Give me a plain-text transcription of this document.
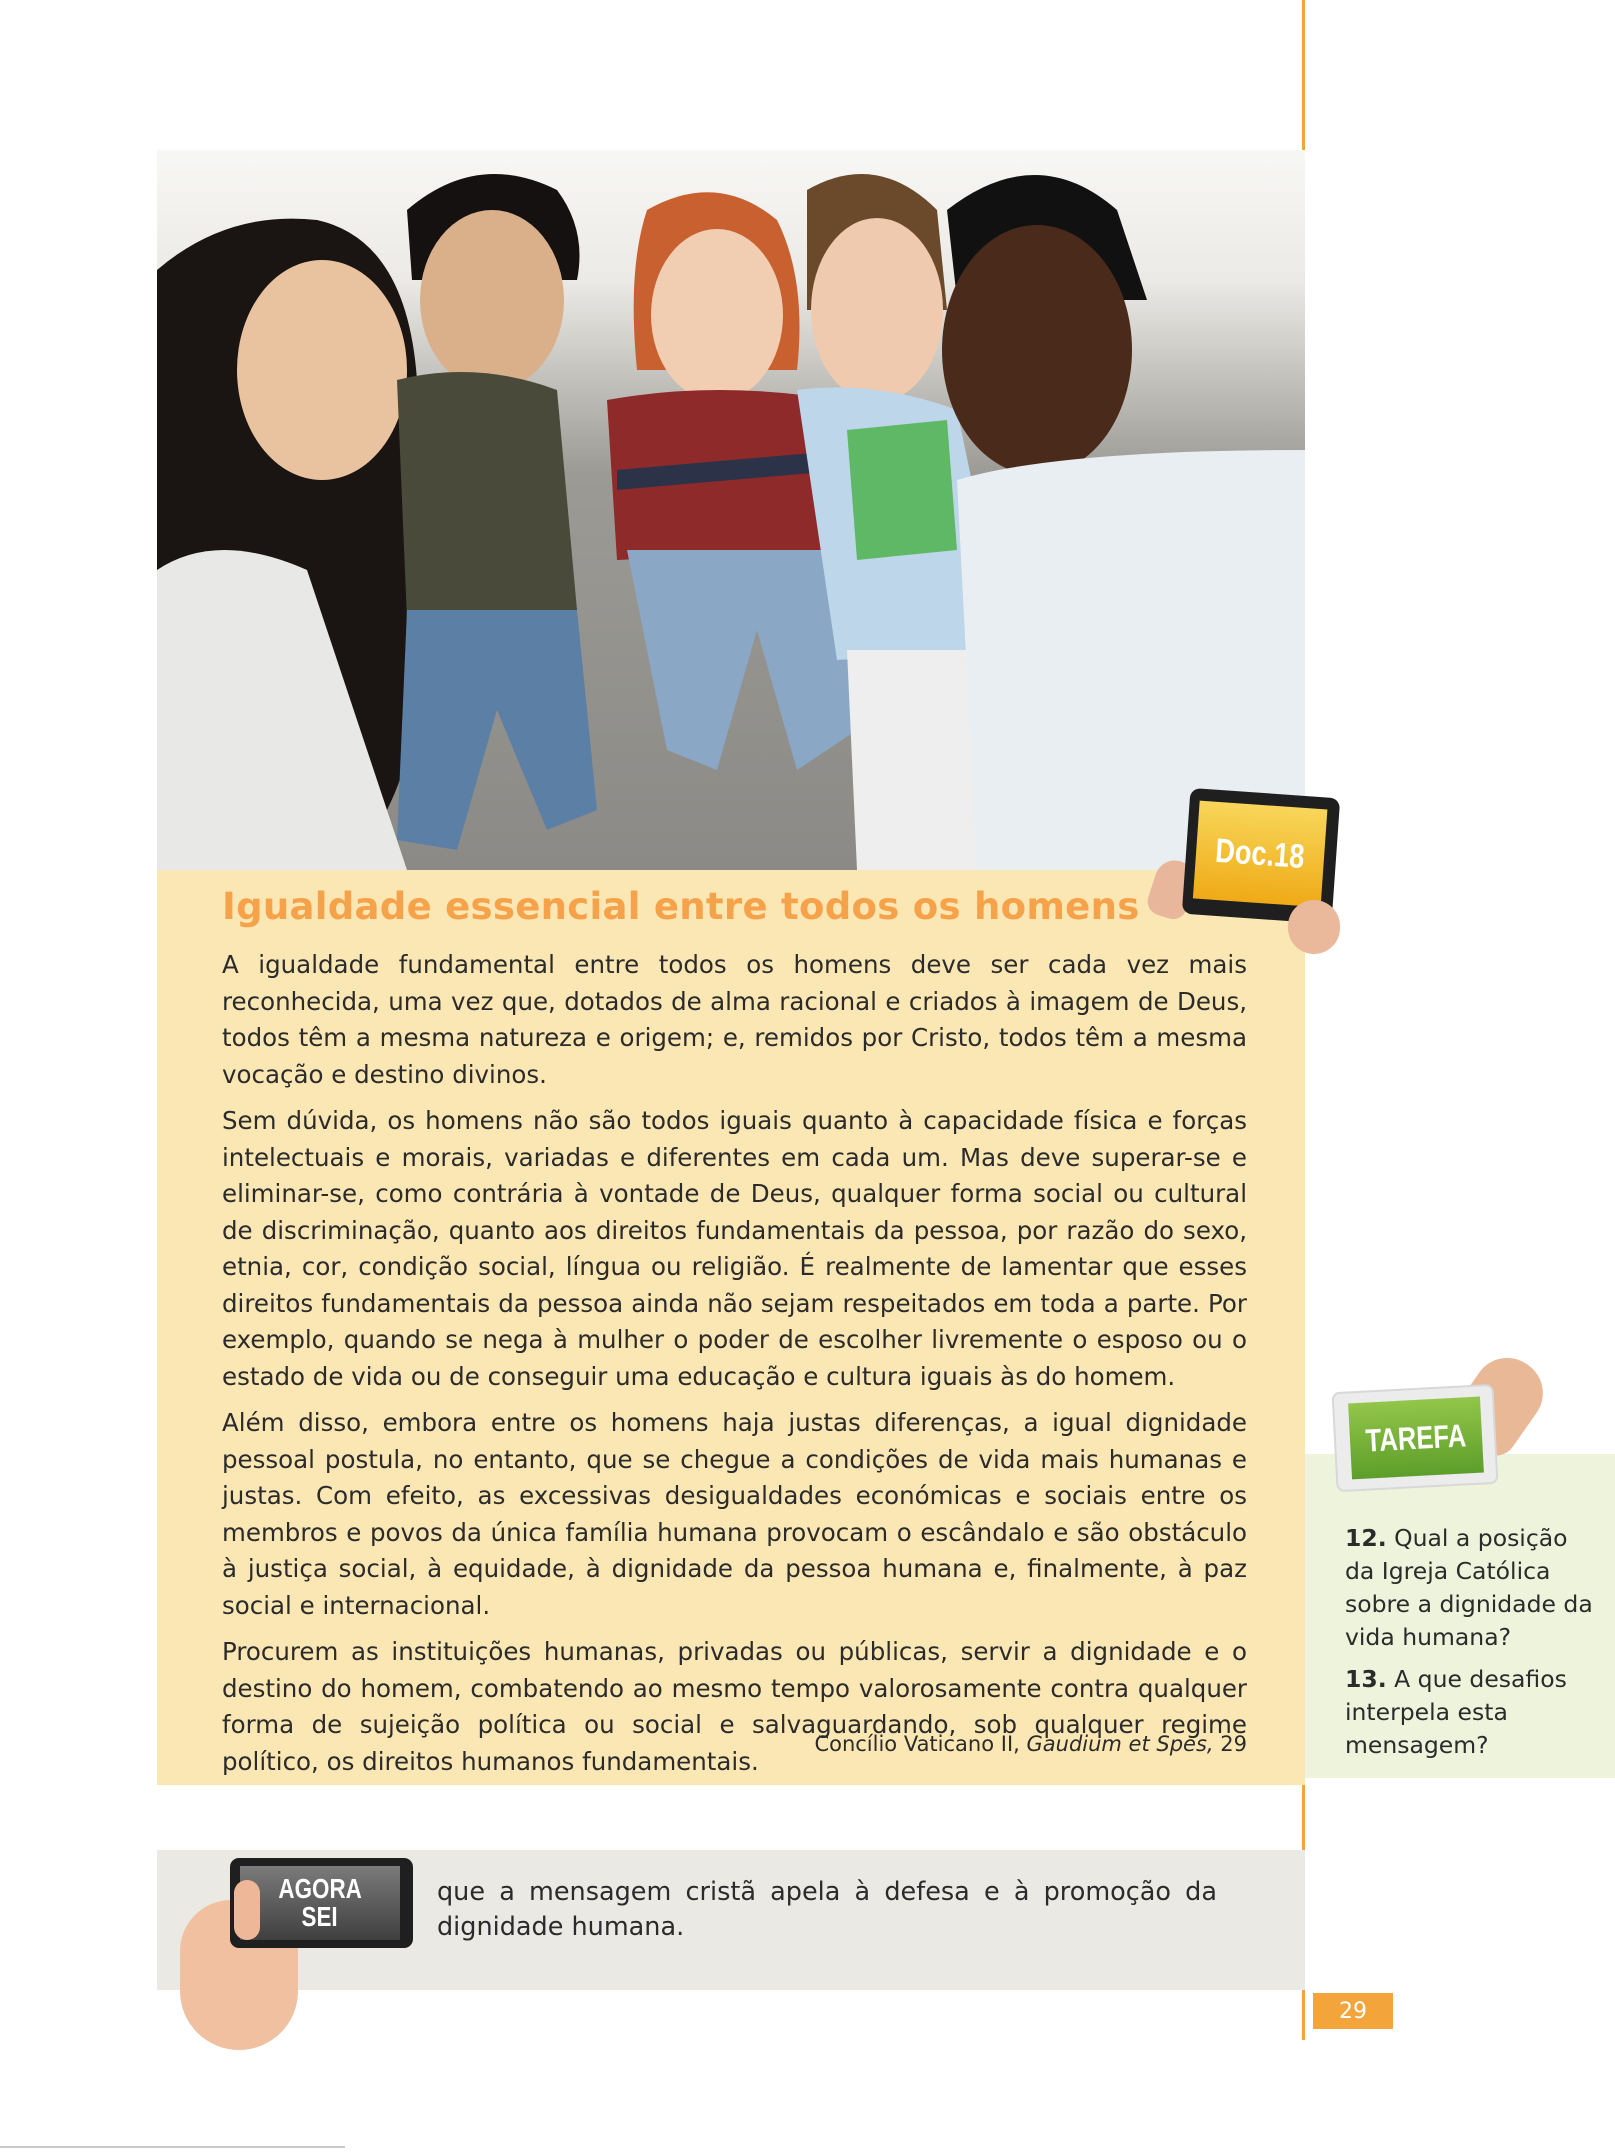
Igualdade essencial entre todos os homens

A igualdade fundamental entre todos os homens deve ser cada vez mais reconhecida, uma vez que, dotados de alma racional e criados à imagem de Deus, todos têm a mesma natureza e origem; e, remidos por Cristo, todos têm a mesma vocação e destino divinos.

Sem dúvida, os homens não são todos iguais quanto à capacidade física e forças intelectuais e morais, variadas e diferentes em cada um. Mas deve superar-se e eliminar-se, como contrária à vontade de Deus, qualquer forma social ou cultural de discriminação, quanto aos direitos fundamentais da pessoa, por razão do sexo, etnia, cor, condição social, língua ou religião. É realmente de lamentar que esses direitos fundamentais da pessoa ainda não sejam respeitados em toda a parte. Por exemplo, quando se nega à mulher o poder de escolher livremente o esposo ou o estado de vida ou de conseguir uma educação e cultura iguais às do homem.

Além disso, embora entre os homens haja justas diferenças, a igual dignidade pessoal postula, no entanto, que se chegue a condições de vida mais humanas e justas. Com efeito, as excessivas desigualdades económicas e sociais entre os membros e povos da única família humana provocam o escândalo e são obstáculo à justiça social, à equidade, à dignidade da pessoa humana e, finalmente, à paz social e internacional.

Procurem as instituições humanas, privadas ou públicas, servir a dignidade e o destino do homem, combatendo ao mesmo tempo valorosamente contra qualquer forma de sujeição política ou social e salvaguardando, sob qualquer regime político, os direitos humanos fundamentais.

Concílio Vaticano II, Gaudium et Spes, 29
Doc.18
TAREFA
12. Qual a posição da Igreja Católica sobre a dignidade da vida humana?
13. A que desafios interpela esta mensagem?
AGORA
SEI
que a mensagem cristã apela à defesa e à promoção da dignidade humana.
29
